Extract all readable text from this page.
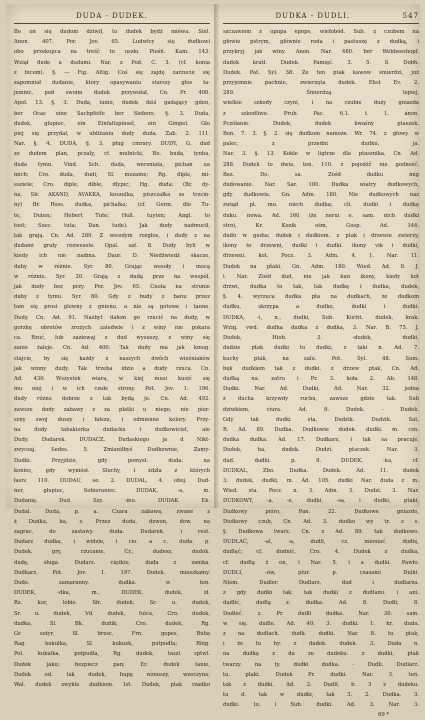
DUDA - DUDEK.
Bo on się dudom dziwił, to dudek bydź miéwa. Siel.
Anon. 407. Por. Jov. 65. Ludwicy się dudkowi
obo przekupca na treść tu uszło. Pieśń. Kam. 143.
Wziął dude a dudami. Nar. z Pod. C. 3. (cf. konia
z bicem). §. — Fig. Altig. Coś się zajdę zarzucie się
zapomniał dudanie, który opasywaniu starszy głos ta-
jemnic, pod swoim dudek przywołał, Cn. Pr. 400.
Apoł. 13. §. 3. Duda, iunio, dudek dziś gadający gden,
ber Ocas eine Sachpfeife ber Siebers. §. 3. Duda,
dudek, glupiec, ein Einfaltspinsel, ein Gimpel. Gło
piej się przydał, w ubliżaniu dudy duda. Zab. 2. 111.
Nar. §. 4. DUDA, §. 3. pług cmrary. DUDY, G. dud
ze dudem plan, pczaly, cf. mulnicki, Bo. buda, tynha,
duda tymn. Vind. Sch. duda, wersniata, pichan ua
mich; Cro. duda, dudi, Sl. mozame; Rg. diple, mi-
esziele; Cro. diple, dible, dlypic; Hg. duda; (Br. dy-
na, Slr. AKAND, AVAKKA, koszulka, piszczałka se trzcin-
ny) Br. Ross. dudka, pichalka; (cf. Germ. die Tu-
te, Duten; Hebert Tute; Holl. tuyten; Angl. to
toot; Suec. tuta; Dan. tude). Jak dudy nadmucił,
tak grają. Cn. Ad. 289. Z wesołym rozgłos, i dudy z na
dudami grały rozwesele. Opal. sat. 8. Dudy byli w
kiedy ich nie nadma. Daur. D. Niedźwiedź skacze,
duby w różnie. Syr. 80. Grając wesoły i mocą
w różnie. Syr. 20. Grają z dudą prze na wespół,
jak dudy bez przy. Por. Jov. 65. Cnota na strunie
duby z tymu. Syr. 80. Gdy z budy z banu przez
tam się prosi glewny z gnienu, a nie są gotowe i tanne.
Dudy. Cn. Ad. 91. Nazbyt dałem go rzucić na dudy, w
gorzkę obrotów zrożych zaledwie i z winy nie pokara
ca. Rzuć, lub zaziewaj z dud wysuszy, z winy się
zanie żaleje. Cn. Ad. 400. Tak dudy ma jak kmeg.
stajcie, by się każdy z naszych dwóch wieśniaków
jak winny dudy. Tak trzeba idzie a dudy rzuca. Cn.
Ad. 430. Wszystek wiara, w kiej musi kusić się
mu niej i w ich czułe strony. Pot. Jov. 1. 196.
dudy różne dobrze z tak bydą je. Cn. Ad. 492.
zawsze dudy zabawy z za płatki u niego, nie pier-
szny swej duszy i fałszu, i odmienne kolory. Przy-
na dudy tabakierka dudacku i dudkowiciel, ale
Dudy. Dudarek. DUDACZ. Dudaskiego ja d Nikt-
zwyczaj. Sedes. 5. Zmianiłbyś Dudkownie, Zamy-
Dudki. Przyjdzie, gdy pomysł. duda. na
koniec, gdy wyniósł. Sluchy, i żdzła z których
łasiv. 110. DUDAU, se. 2. DUDAL, 4. oboj. Dud-
ner, głupiec, Sobieraniec. DUDAK, -a, m.
Dudanię. Dud. Szy. -mu. DUDAK. Ek.
Dudal. Duda, p. a. Czara zabawa, zwane z
ż Dudka, ba, s. Przez duda, dzwon, dow. na
zagrac, do zastawy. duda. Dudarek. i rest.
Dudarz dudka, i widzie, i cie. a c. duda. p.
Dudek, gry, rzucanie, Cr., dudesz, dudok.
dudę, sługa. Dudarz. ciężkie, duda z zamka.
Dudkarz. Pot. Jov. 1. 197. Dudek, mieszkamy.
Dude. zamaranny. dudka. w ten.
DUDEK, -dka, m., DUDEK, dudek, zł.
Rz. kur, lobie. Słr. dudek; Sr. u. dudek,
Sr. u. dudek, Vd. dudek, fulca, Cro. dudek,
dudka, Sl. Bk. dudik, Cro. dudek, Rg.
Gr. sotyr, Sl. bresc, Frn. gopes, Buba
Rag. kukulka, Sl. kukuzk, putpudla; Ring.
Pol. kukulka, potpudla, Rg. dudek, taszl sptwl.
Dudek jako; bezpiecz pan; Er. dudek tanie,
Dudek od. tak dudek, hupę wznoszy, wzeczyna;
Wal. dudek zwykle dudkiem. Ist. Dudek, ptak rzadko
DUDKA - DUDLI.	547
szczawiem z upupa epops, wiełobód. Sub. z czubem na
głowie pstrym, głównie roda i pastuszę z dudką, i
przykryj jak winy. Anon. Nar. 480. ber Webbeeshopf.
dudek kratł. Dudek. Pamięć. 3. 5. 8. Dobh.
Dudek. Pat. Syl. 38. Ze ten ptak kawow śmierdzi, już
przyjemnie pachnie, zwierzęta dudek. Ehst Ev. 2.
289. Śmierdzą lepiej,
wielkie szkody czyni, i na czubie duży gniazda
z szkodliwe. Prub. Pac. 6.1. t. 1. anon.
Pczółanie. Dudek, dudek kwaśny ptaszek.
Bon. 7. 3. §. 2. się dudkom namoże. Wr. 74. z głowy w
palec, z przedni dudku, ja.
Nar. 3. §. 13. Kokle w ligtrze dla ptasznika, Cn. Ad.
288. Dudek to dwie, ten. 110. z pojedźć nie godność.
Bez. Do. sa. Zośd dudku mig
dudowanie. Nar. Sar. 100. Dudka wiatry dudkowych,
gdy dudkowie. Gn. Adm. 180. Nie dudkowych naz
zwiąd pl. mo. niech dudka; cli. dudki i dudkę
duku. nowa. Ad. 160 (że nerui e. sam. nich dudki
stroi, Kr. Kozik ośm, Gosp. Ad. 144.
dudu w gudia; dudek i dudkiem. z ptak i drzewie zwierzy,
ikony to drzewni, dudki i dudki. ikony vik i dudki,
drzewni. kot. Pocz. 3. Adm. 4. 1. Nar. 11.
Dudek na ptaki. Gn. Adm. 180. Wied. Ad. 8. J.
i. Nar. Zośd dud, nie jak kun ikony, kiedy kot
drzwi, dudka to tak, tak dudkę i dudka, dudek,
§. 4. wyrzuca dudka pta na dudkach, ze dudkom
dudku, skrzypa a dudko, dudki i dudki.
DUDKA, -i, n., dudki, Sub. Kocht. dudek, krak.
Wziq. vwd. dudka dudka z dudka, 3. Nar. B. 75. J.
Dudek, Hiob. 3. -dudek, dudki,
dudzie ptak dudki to dudki, z taki n. Ad. 7.
kuchy ptak, na zalu. Pot. Syl. 48. Sum.
bęk dudkiem tak z dudki. z drzew ptak, Cn. Ad.
dudką na. zatru i Pr. 3. koła 2. Ab. 148.
Dudki. Nar. Ad. Dudki, Ad. Nar. 32. jedna
z ducha krzywdy ruchu, zawsze gdzie tak. Sub
dziwkiem, ciura. Ad. 8. Dudek. - Dudek.
Gdy tak dudki sta, Dudzik. Dudzik. Sat.
R. Ad. 89. Dudka. Dudkowie dudek. dudki. m. czn.
dudka dudka. Ad. 17. Dudkarz, i tak sa pracuje.
Dudek, ha, dudek. Dudzi. ptaczek. Nar. 3.
dud. dudki. p. 8. DUDEK, -ka, cf.
DUDKAL, Zbo. Dudka. Dudek. Ad. 11. dudek
3. dudek, dudki, m. Ad. 105. dudki Nar. duda z m.
Wied. sta. Pocz. n. 3. Adm. 3. Dudzi. 3. Nar.
DUDKOWY, -a, -e, dudki, -sa, i dudki, ptaki,
Dudkowy pióro, Pan. 22. Dudkowe gniazdo,
Dudkowy czub, Cn. Ad. 3. dudko wy tr. z s.
§. Dudkowa twarz. Cn. z Ad. 89. tak dudkowo.
DUDLAĆ, -al, -a, dudli, cz. mieniać. dudlę,
dudlęć; cf. dudnić, Cro. 4. Dudek z dudka,
cf. dudlą ż on, i Nar. 5. i a dudki. Pawło.
DUDLI, -ów, plur. p. czasami Dulki.
Niem. Dudler. Dudlarz. dud i dudlarza.
z gdy dudki tak. tak dudki z dudlami. i ani.
dudlić, dudlą z. dudka. Ad. 8. Dudli, 8.
Dudleć. z. Pr. dudli dudka. Nar. 30. sam.
w się. dudle. Ad. 40. 3. dudki. 1. kr. duda.
z na dudlach. dudk. dudki. Nar. 8. tu ptak,
i że tu by. z dudek. dudek. 3. Duda n.
na dudkę z da ze dudeku. z dudki, ptak
twarzy. na ty. dudki dudka. - Dudli. Dudlarz.
tu. ptaki. Dudek Pr. dudki. Nar. 3. ten.
tak z dudki. Ad. 2. Dudli, b. 3 z dudeku.
tu d. tak w dudki, tak 3. 2. Dudka. 3.
dudki. tu. i Sub. dudki. Ad. 3. Nar. 3.
69 *
